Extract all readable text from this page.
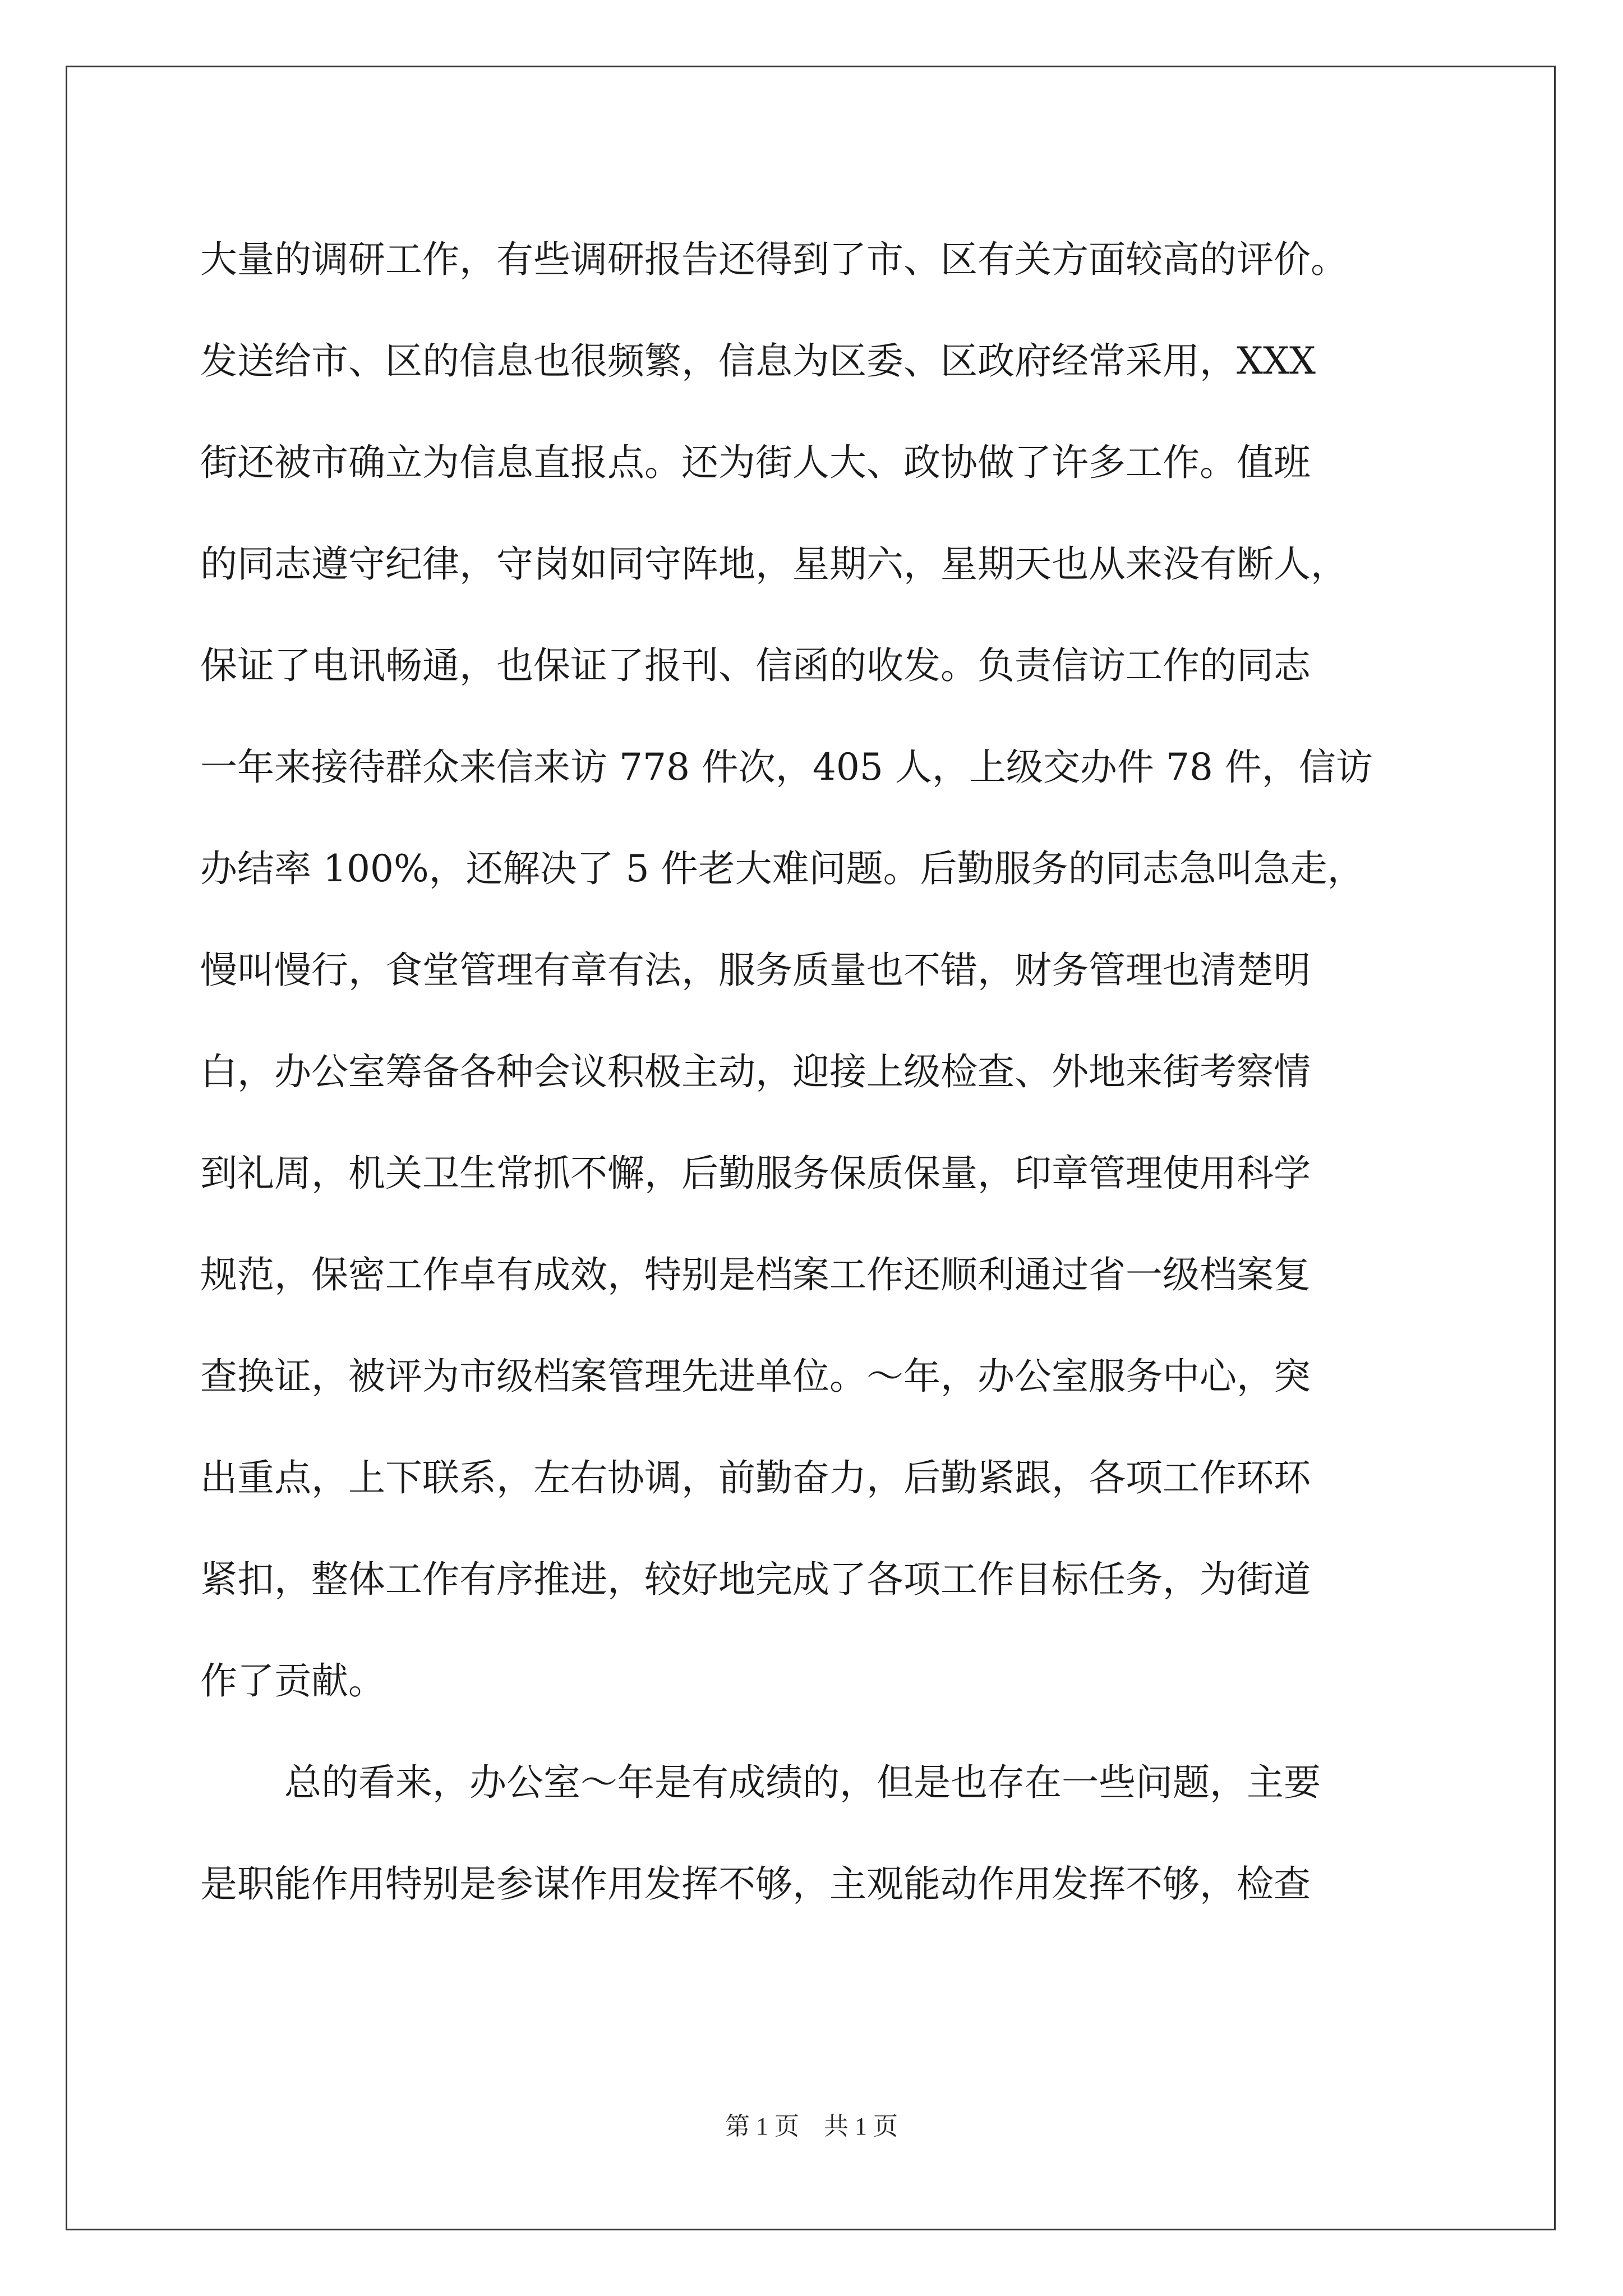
大量的调研工作，有些调研报告还得到了市、区有关方面较高的评价。
发送给市、区的信息也很频繁，信息为区委、区政府经常采用，XXX
街还被市确立为信息直报点。还为街人大、政协做了许多工作。值班
的同志遵守纪律，守岗如同守阵地，星期六，星期天也从来没有断人，
保证了电讯畅通，也保证了报刊、信函的收发。负责信访工作的同志
一年来接待群众来信来访 778 件次，405 人，上级交办件 78 件，信访
办结率 100%，还解决了 5 件老大难问题。后勤服务的同志急叫急走，
慢叫慢行，食堂管理有章有法，服务质量也不错，财务管理也清楚明
白，办公室筹备各种会议积极主动，迎接上级检查、外地来街考察情
到礼周，机关卫生常抓不懈，后勤服务保质保量，印章管理使用科学
规范，保密工作卓有成效，特别是档案工作还顺利通过省一级档案复
查换证，被评为市级档案管理先进单位。～年，办公室服务中心，突
出重点，上下联系，左右协调，前勤奋力，后勤紧跟，各项工作环环
紧扣，整体工作有序推进，较好地完成了各项工作目标任务，为街道
作了贡献。
总的看来，办公室～年是有成绩的，但是也存在一些问题，主要
是职能作用特别是参谋作用发挥不够，主观能动作用发挥不够，检查
第 1 页　共 1 页
